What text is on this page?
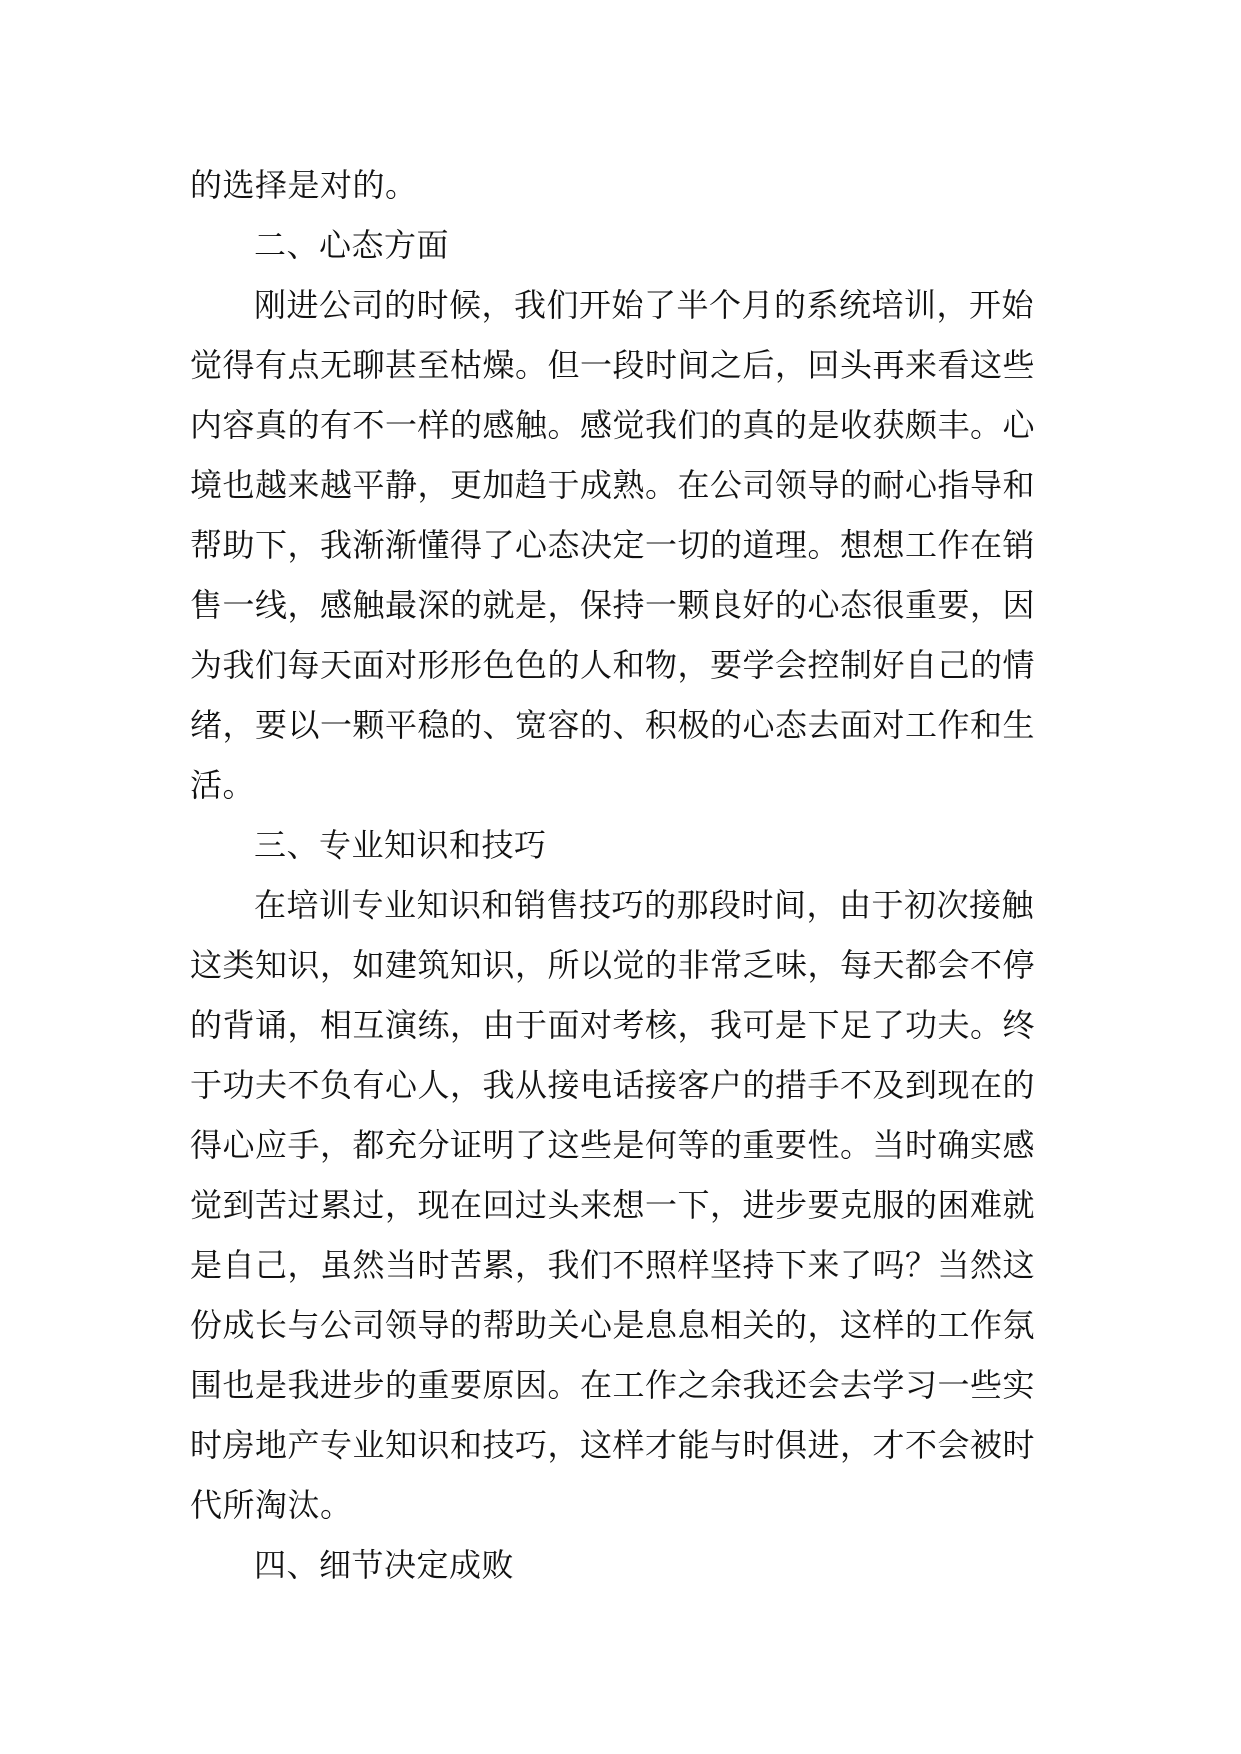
的选择是对的。
二、心态方面
刚进公司的时候，我们开始了半个月的系统培训，开始
觉得有点无聊甚至枯燥。但一段时间之后，回头再来看这些
内容真的有不一样的感触。感觉我们的真的是收获颇丰。心
境也越来越平静，更加趋于成熟。在公司领导的耐心指导和
帮助下，我渐渐懂得了心态决定一切的道理。想想工作在销
售一线，感触最深的就是，保持一颗良好的心态很重要，因
为我们每天面对形形色色的人和物，要学会控制好自己的情
绪，要以一颗平稳的、宽容的、积极的心态去面对工作和生
活。
三、专业知识和技巧
在培训专业知识和销售技巧的那段时间，由于初次接触
这类知识，如建筑知识，所以觉的非常乏味，每天都会不停
的背诵，相互演练，由于面对考核，我可是下足了功夫。终
于功夫不负有心人，我从接电话接客户的措手不及到现在的
得心应手，都充分证明了这些是何等的重要性。当时确实感
觉到苦过累过，现在回过头来想一下，进步要克服的困难就
是自己，虽然当时苦累，我们不照样坚持下来了吗？当然这
份成长与公司领导的帮助关心是息息相关的，这样的工作氛
围也是我进步的重要原因。在工作之余我还会去学习一些实
时房地产专业知识和技巧，这样才能与时俱进，才不会被时
代所淘汰。
四、细节决定成败
